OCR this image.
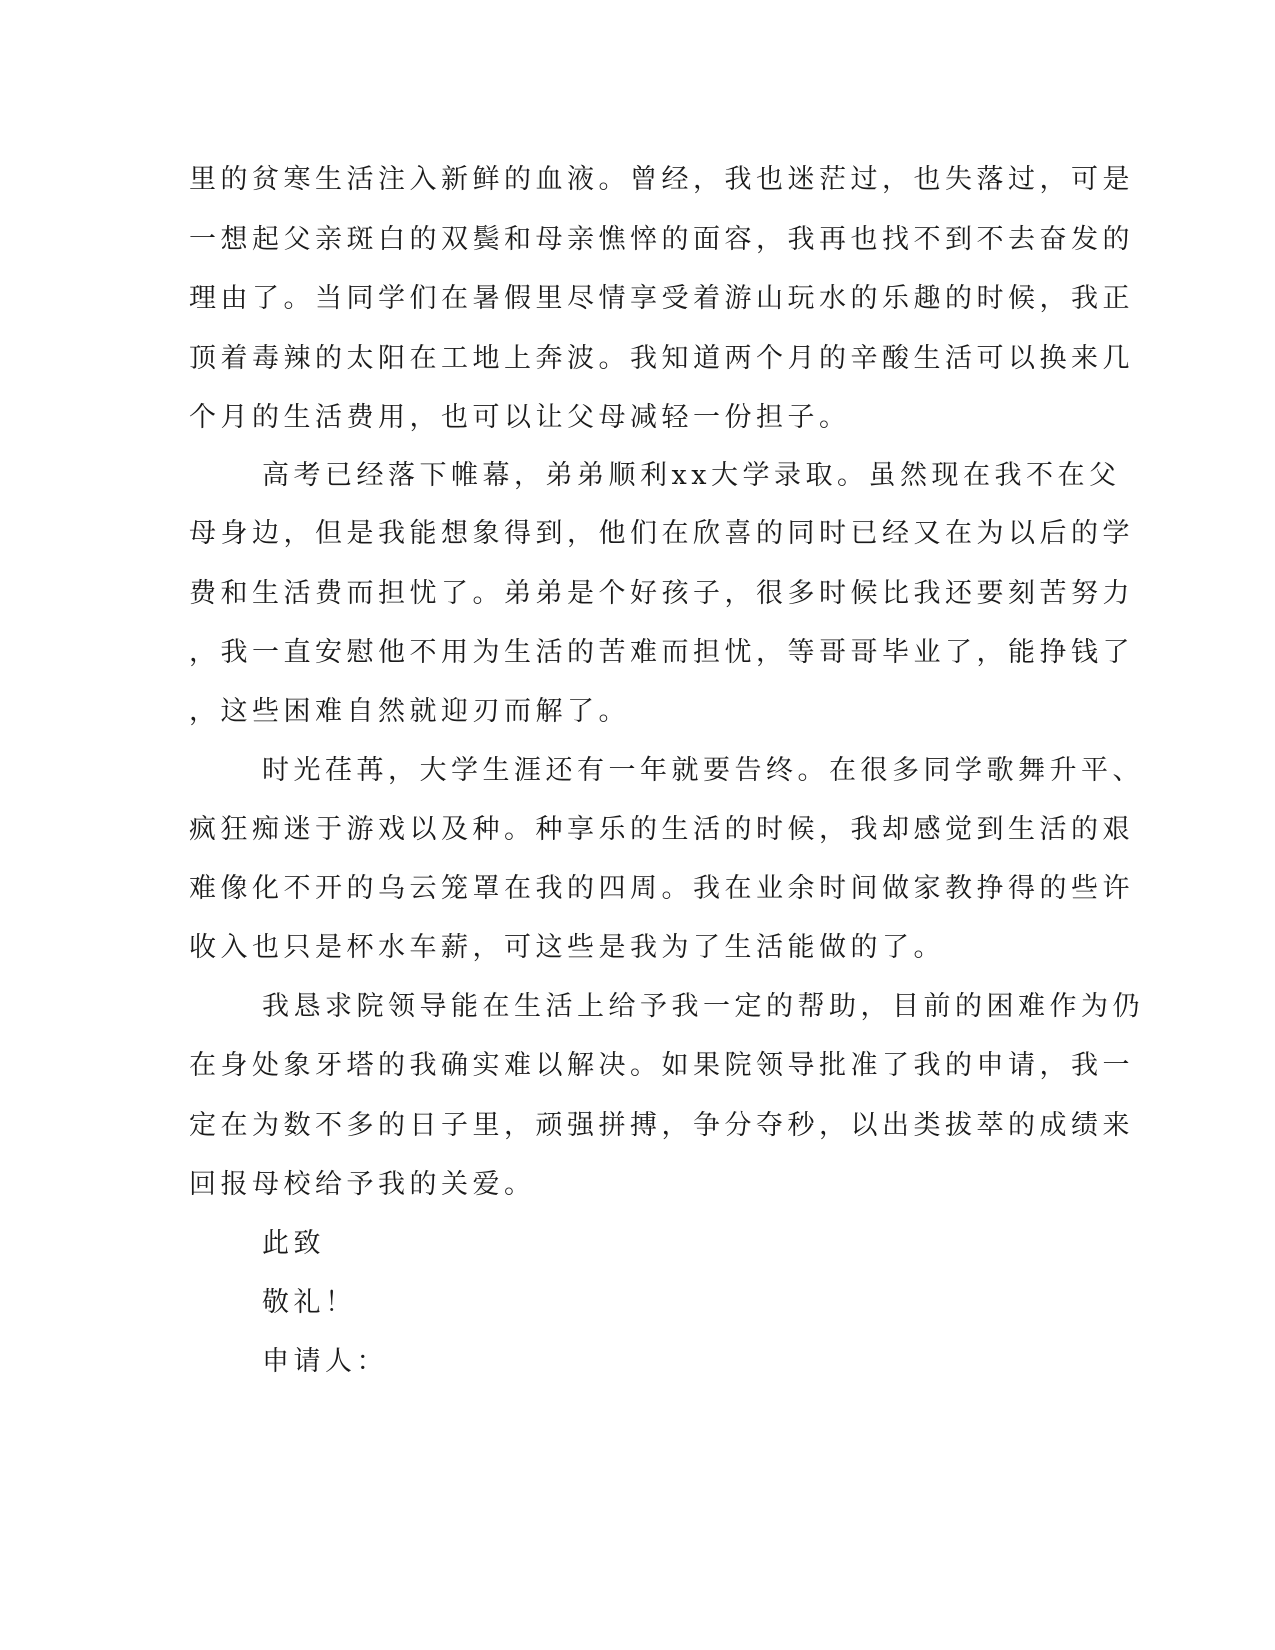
里的贫寒生活注入新鲜的血液。曾经，我也迷茫过，也失落过，可是
一想起父亲斑白的双鬓和母亲憔悴的面容，我再也找不到不去奋发的
理由了。当同学们在暑假里尽情享受着游山玩水的乐趣的时候，我正
顶着毒辣的太阳在工地上奔波。我知道两个月的辛酸生活可以换来几
个月的生活费用，也可以让父母减轻一份担子。
高考已经落下帷幕，弟弟顺利xx大学录取。虽然现在我不在父
母身边，但是我能想象得到，他们在欣喜的同时已经又在为以后的学
费和生活费而担忧了。弟弟是个好孩子，很多时候比我还要刻苦努力
，我一直安慰他不用为生活的苦难而担忧，等哥哥毕业了，能挣钱了
，这些困难自然就迎刃而解了。
时光荏苒，大学生涯还有一年就要告终。在很多同学歌舞升平、
疯狂痴迷于游戏以及种。种享乐的生活的时候，我却感觉到生活的艰
难像化不开的乌云笼罩在我的四周。我在业余时间做家教挣得的些许
收入也只是杯水车薪，可这些是我为了生活能做的了。
我恳求院领导能在生活上给予我一定的帮助，目前的困难作为仍
在身处象牙塔的我确实难以解决。如果院领导批准了我的申请，我一
定在为数不多的日子里，顽强拼搏，争分夺秒，以出类拔萃的成绩来
回报母校给予我的关爱。
此致
敬礼！
申请人：
